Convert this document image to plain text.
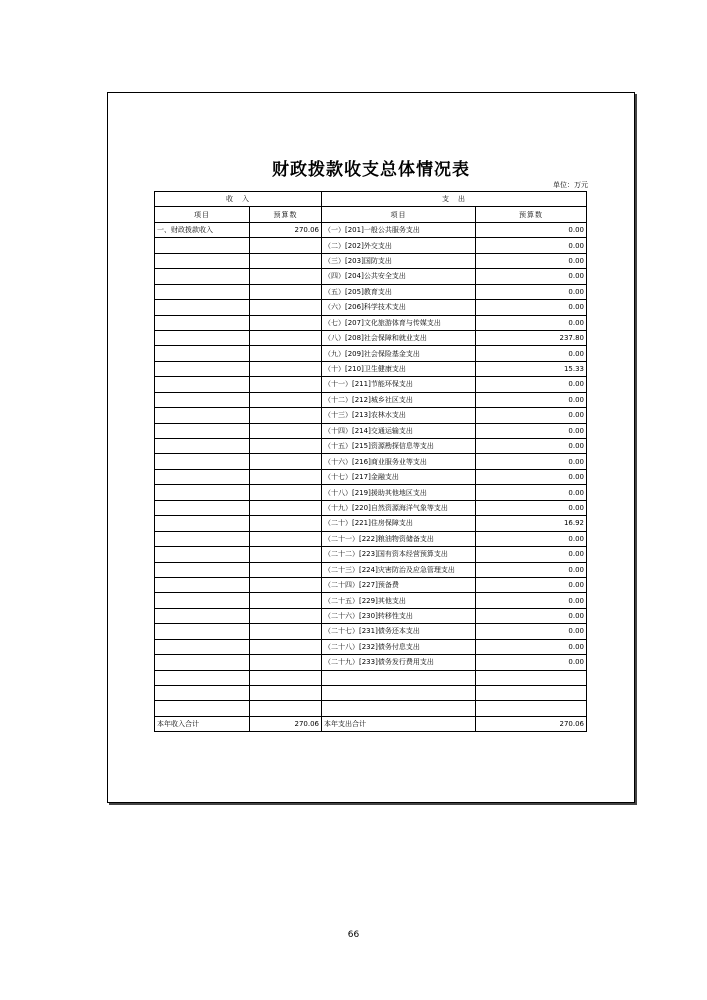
财政拨款收支总体情况表
单位：万元
收　入		支　出	
项目	预算数	项目	预算数
一、财政拨款收入	270.06	（一）[201]一般公共服务支出	0.00
		（二）[202]外交支出	0.00
		（三）[203]国防支出	0.00
		（四）[204]公共安全支出	0.00
		（五）[205]教育支出	0.00
		（六）[206]科学技术支出	0.00
		（七）[207]文化旅游体育与传媒支出	0.00
		（八）[208]社会保障和就业支出	237.80
		（九）[209]社会保险基金支出	0.00
		（十）[210]卫生健康支出	15.33
		（十一）[211]节能环保支出	0.00
		（十二）[212]城乡社区支出	0.00
		（十三）[213]农林水支出	0.00
		（十四）[214]交通运输支出	0.00
		（十五）[215]资源勘探信息等支出	0.00
		（十六）[216]商业服务业等支出	0.00
		（十七）[217]金融支出	0.00
		（十八）[219]援助其他地区支出	0.00
		（十九）[220]自然资源海洋气象等支出	0.00
		（二十）[221]住房保障支出	16.92
		（二十一）[222]粮油物资储备支出	0.00
		（二十二）[223]国有资本经营预算支出	0.00
		（二十三）[224]灾害防治及应急管理支出	0.00
		（二十四）[227]预备费	0.00
		（二十五）[229]其他支出	0.00
		（二十六）[230]转移性支出	0.00
		（二十七）[231]债务还本支出	0.00
		（二十八）[232]债务付息支出	0.00
		（二十九）[233]债务发行费用支出	0.00

本年收入合计	270.06	本年支出合计	270.06
66
